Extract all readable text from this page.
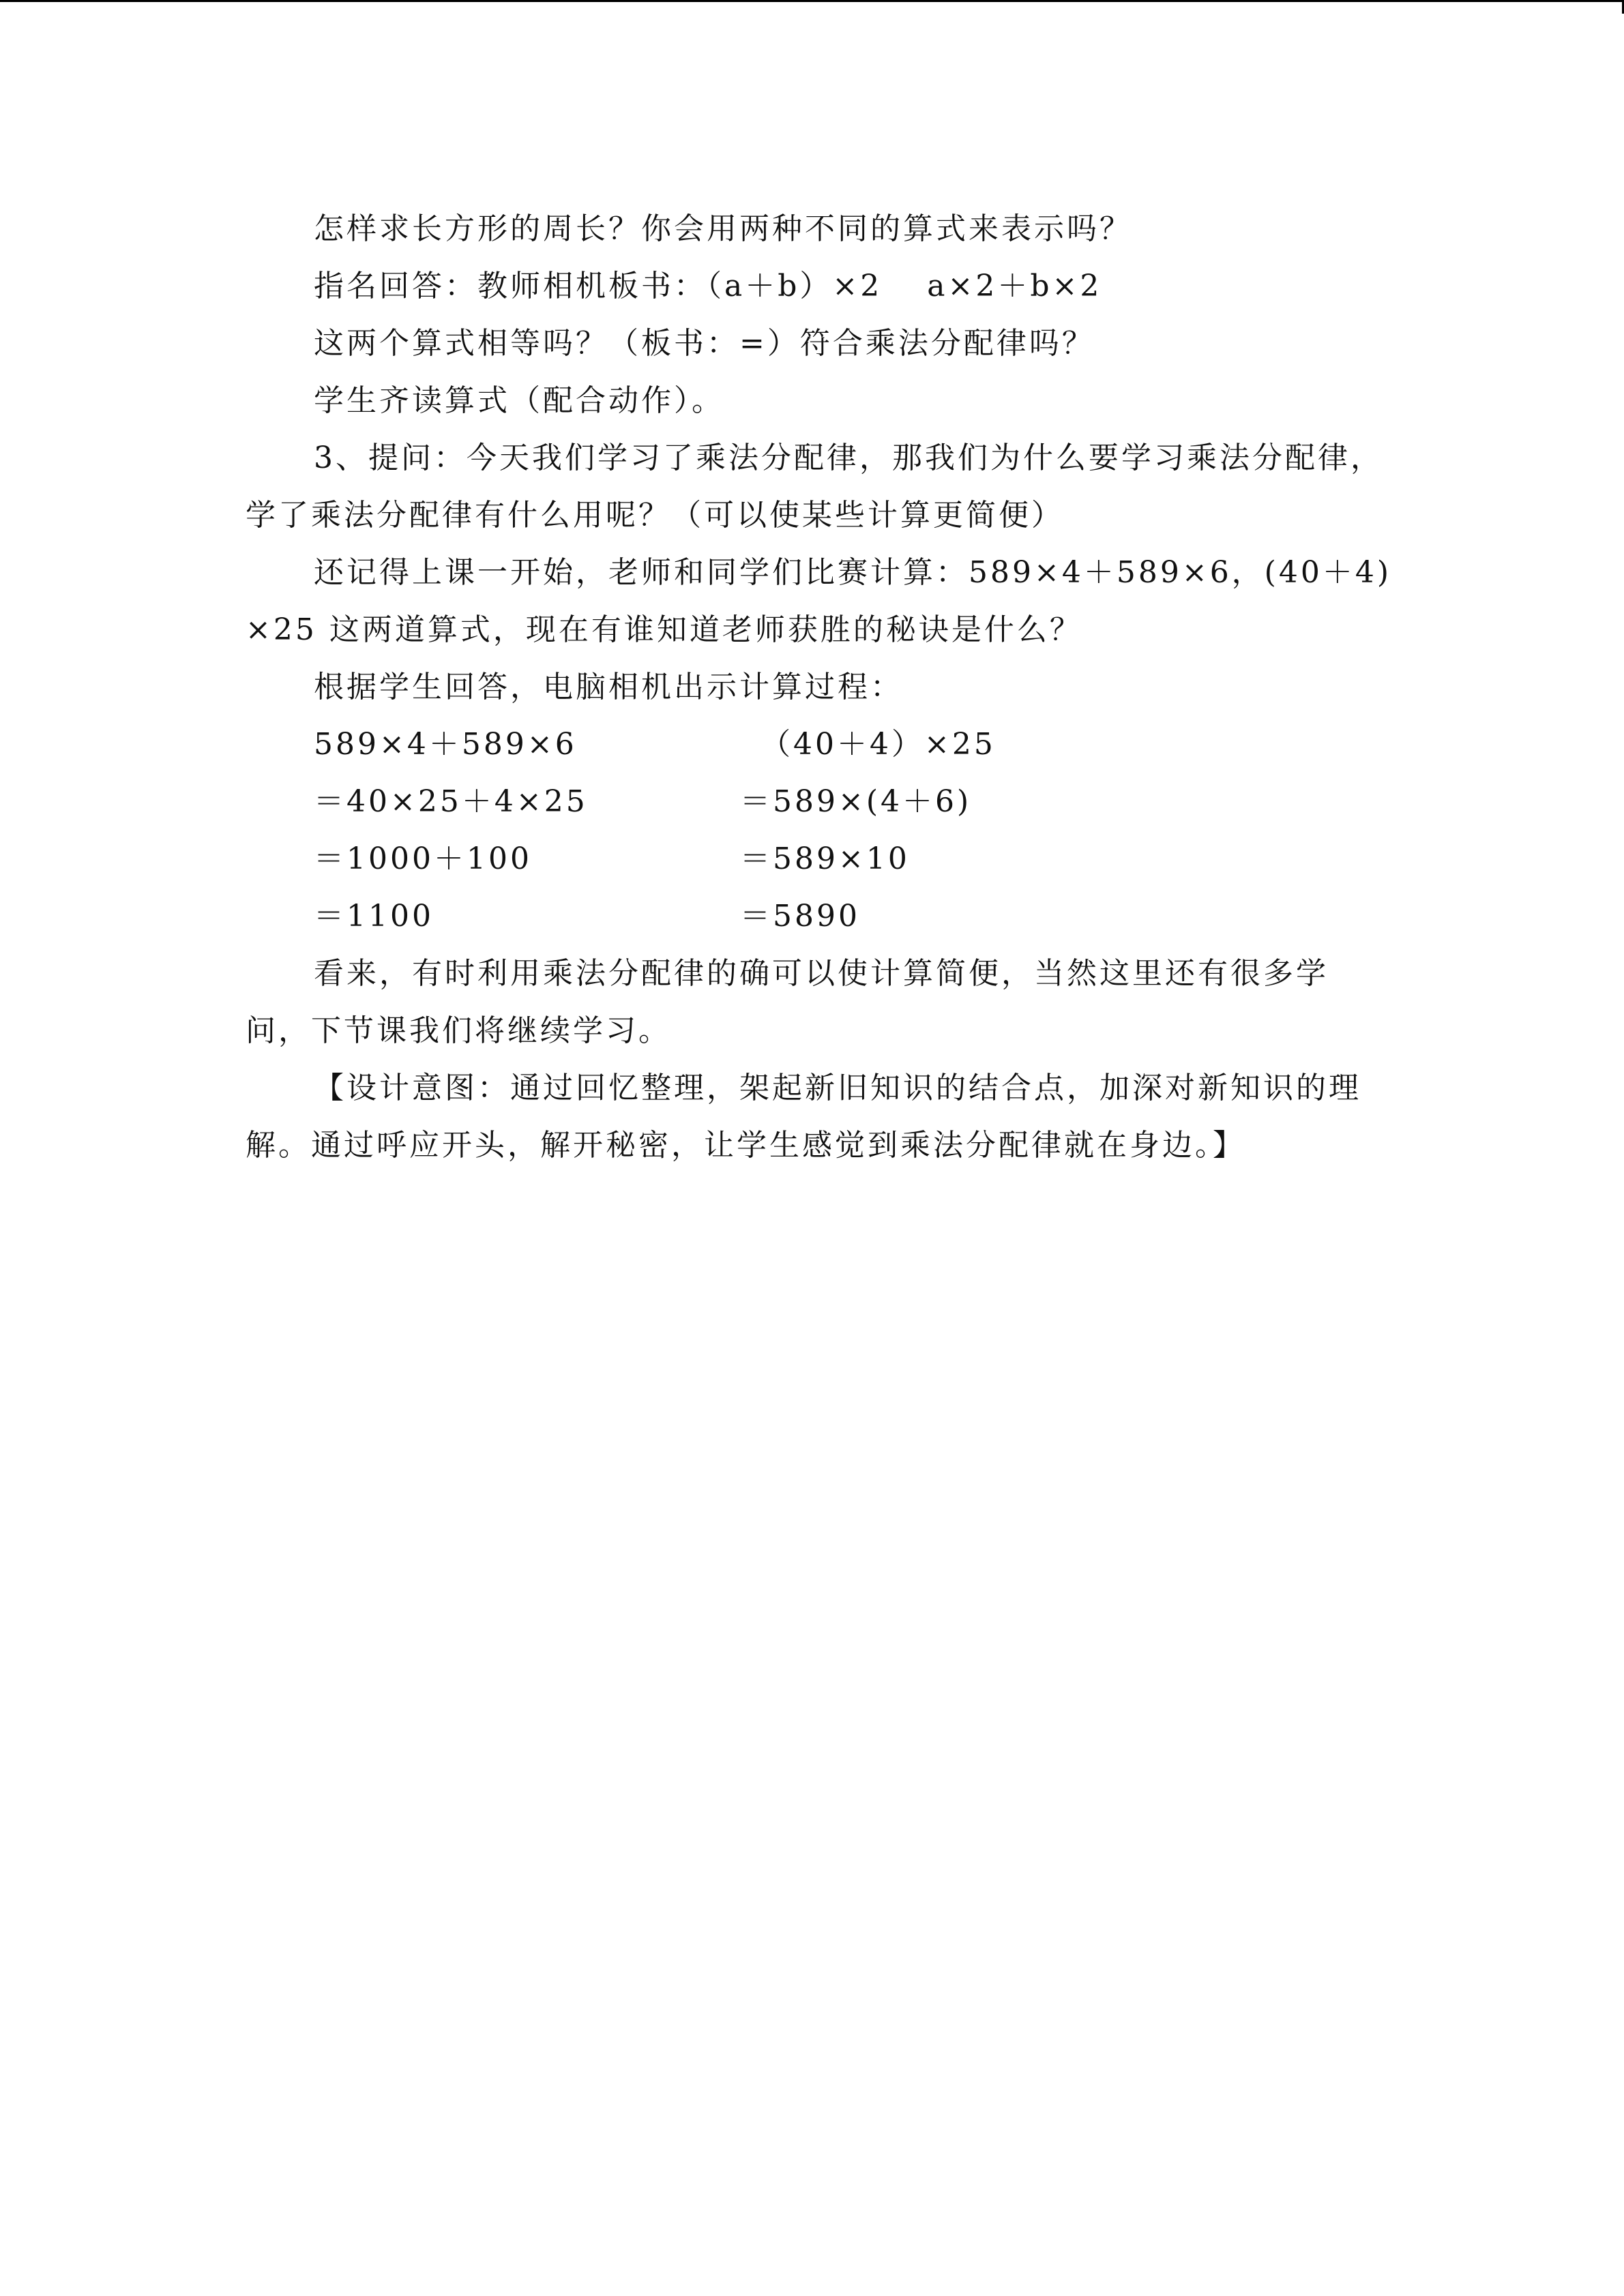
怎样求长方形的周长？你会用两种不同的算式来表示吗？
指名回答：教师相机板书：（a＋b）×2　 a×2＋b×2
这两个算式相等吗？（板书：=）符合乘法分配律吗？
学生齐读算式（配合动作）。
3、提问：今天我们学习了乘法分配律，那我们为什么要学习乘法分配律，
学了乘法分配律有什么用呢？（可以使某些计算更简便）
还记得上课一开始，老师和同学们比赛计算：589×4＋589×6，(40＋4)
×25 这两道算式，现在有谁知道老师获胜的秘诀是什么？
根据学生回答，电脑相机出示计算过程：
589×4＋589×6
＝40×25＋4×25
＝1000＋100
＝1100
（40＋4）×25
＝589×(4＋6)
＝589×10
＝5890
看来，有时利用乘法分配律的确可以使计算简便，当然这里还有很多学
问，下节课我们将继续学习。
【设计意图：通过回忆整理，架起新旧知识的结合点，加深对新知识的理
解。通过呼应开头，解开秘密，让学生感觉到乘法分配律就在身边。】
